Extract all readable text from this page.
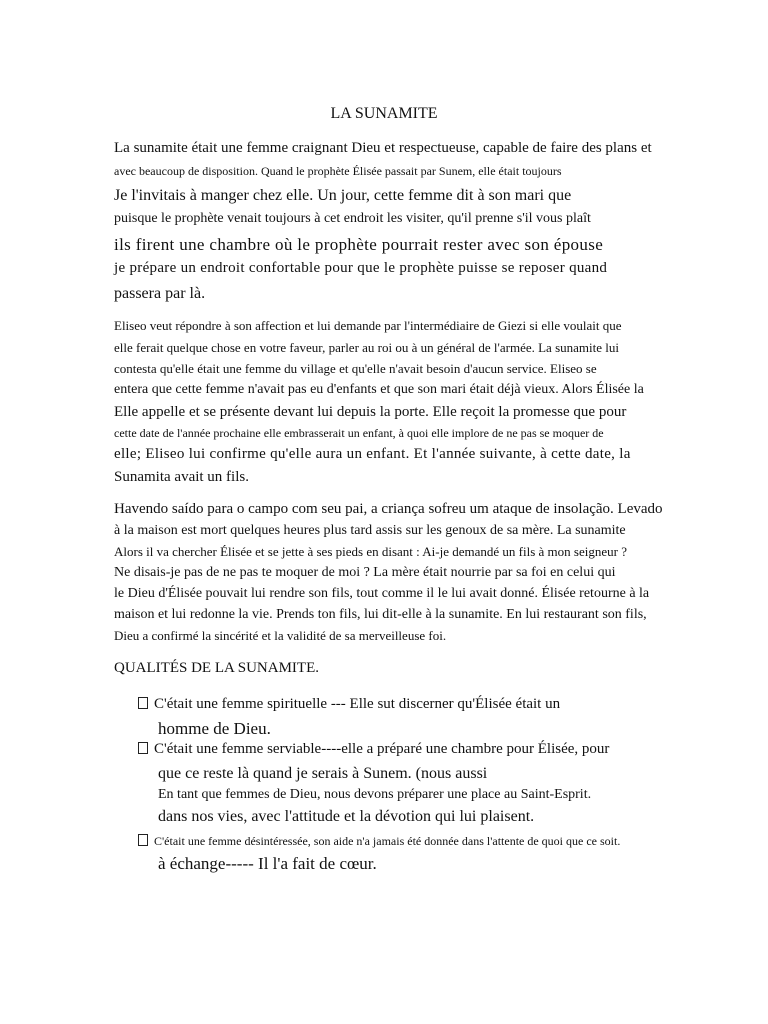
LA SUNAMITE
La sunamite était une femme craignant Dieu et respectueuse, capable de faire des plans et
avec beaucoup de disposition. Quand le prophète Élisée passait par Sunem, elle était toujours
Je l'invitais à manger chez elle. Un jour, cette femme dit à son mari que
puisque le prophète venait toujours à cet endroit les visiter, qu'il prenne s'il vous plaît
ils firent une chambre où le prophète pourrait rester avec son épouse
je prépare un endroit confortable pour que le prophète puisse se reposer quand
passera par là.
Eliseo veut répondre à son affection et lui demande par l'intermédiaire de Giezi si elle voulait que
elle ferait quelque chose en votre faveur, parler au roi ou à un général de l'armée. La sunamite lui
contesta qu'elle était une femme du village et qu'elle n'avait besoin d'aucun service. Eliseo se
entera que cette femme n'avait pas eu d'enfants et que son mari était déjà vieux. Alors Élisée la
Elle appelle et se présente devant lui depuis la porte. Elle reçoit la promesse que pour
cette date de l'année prochaine elle embrasserait un enfant, à quoi elle implore de ne pas se moquer de
elle; Eliseo lui confirme qu'elle aura un enfant. Et l'année suivante, à cette date, la
Sunamita avait un fils.
Havendo saído para o campo com seu pai, a criança sofreu um ataque de insolação. Levado
à la maison est mort quelques heures plus tard assis sur les genoux de sa mère. La sunamite
Alors il va chercher Élisée et se jette à ses pieds en disant : Ai-je demandé un fils à mon seigneur ?
Ne disais-je pas de ne pas te moquer de moi ? La mère était nourrie par sa foi en celui qui
le Dieu d'Élisée pouvait lui rendre son fils, tout comme il le lui avait donné. Élisée retourne à la
maison et lui redonne la vie. Prends ton fils, lui dit-elle à la sunamite. En lui restaurant son fils,
Dieu a confirmé la sincérité et la validité de sa merveilleuse foi.
QUALITÉS DE LA SUNAMITE.
C'était une femme spirituelle --- Elle sut discerner qu'Élisée était un
homme de Dieu.
C'était une femme serviable----elle a préparé une chambre pour Élisée, pour
que ce reste là quand je serais à Sunem. (nous aussi
En tant que femmes de Dieu, nous devons préparer une place au Saint-Esprit.
dans nos vies, avec l'attitude et la dévotion qui lui plaisent.
C'était une femme désintéressée, son aide n'a jamais été donnée dans l'attente de quoi que ce soit.
à échange----- Il l'a fait de cœur.
